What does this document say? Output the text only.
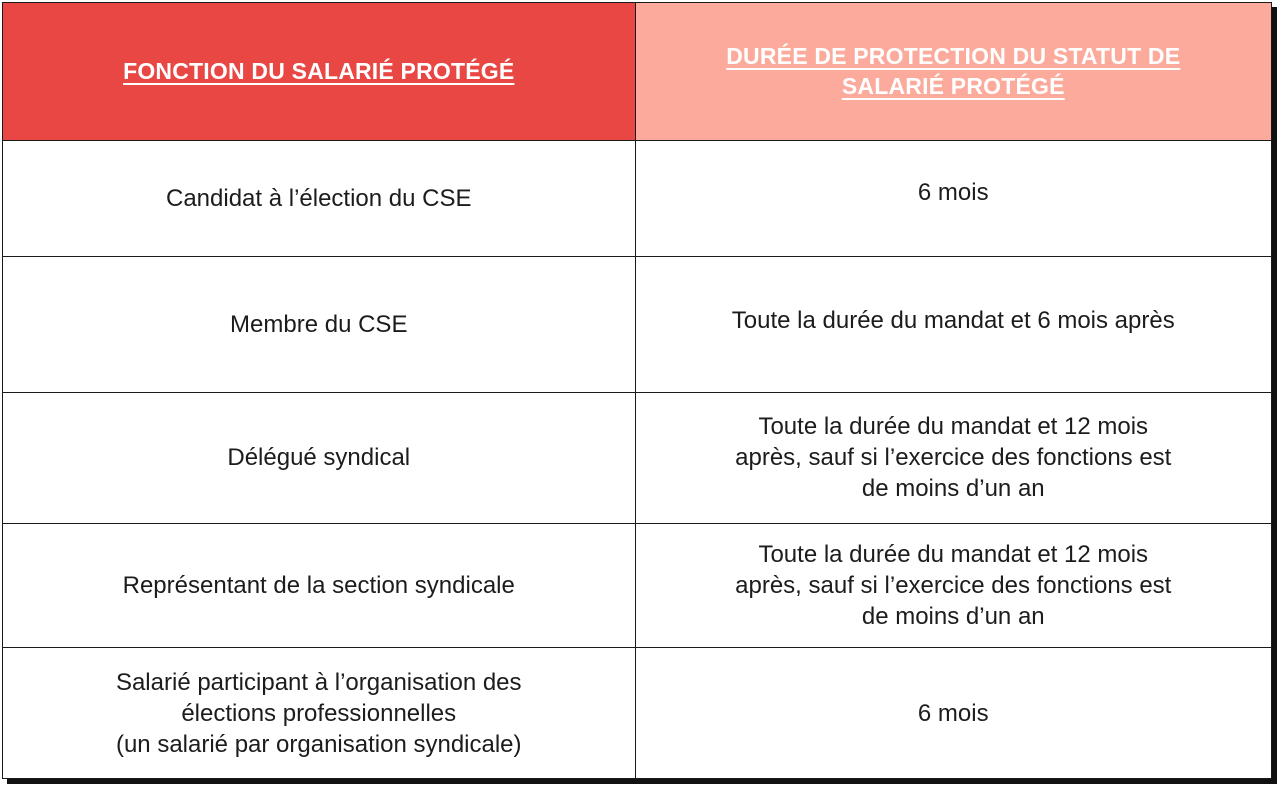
FONCTION DU SALARIÉ PROTÉGÉ	DURÉE DE PROTECTION DU STATUT DE SALARIÉ PROTÉGÉ
Candidat à l’élection du CSE	6 mois
Membre du CSE	Toute la durée du mandat et 6 mois après
Délégué syndical	Toute la durée du mandat et 12 mois
après, sauf si l’exercice des fonctions est
de moins d’un an
Représentant de la section syndicale	Toute la durée du mandat et 12 mois
après, sauf si l’exercice des fonctions est
de moins d’un an
Salarié participant à l’organisation des
élections professionnelles
(un salarié par organisation syndicale)	6 mois
